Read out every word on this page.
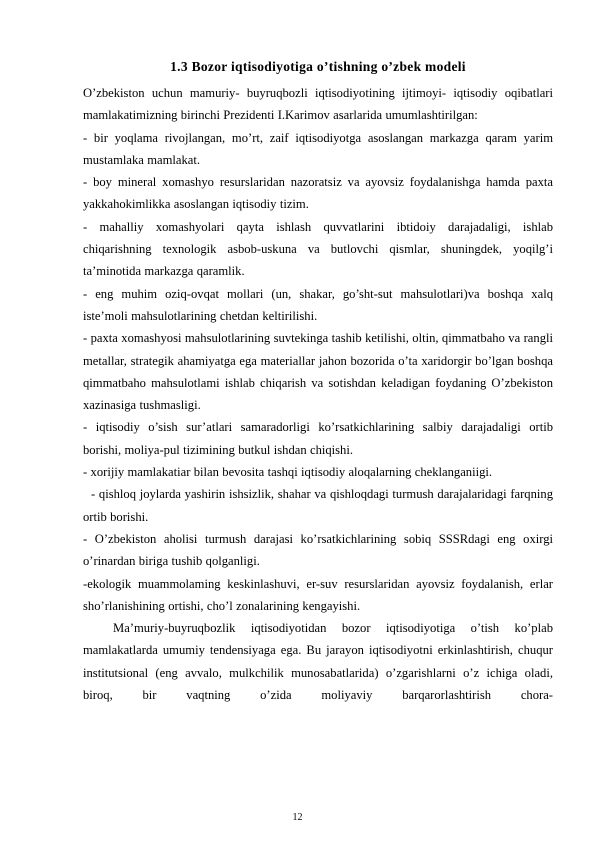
1.3 Bozor iqtisodiyotiga o’tishning o’zbek modeli

O’zbekiston uchun mamuriy- buyruqbozli iqtisodiyotining ijtimoyi- iqtisodiy oqibatlari mamlakatimizning birinchi Prezidenti I.Karimov asarlarida umumlashtirilgan:

- bir yoqlama rivojlangan, mo’rt, zaif iqtisodiyotga asoslangan markazga qaram yarim mustamlaka mamlakat.

- boy mineral xomashyo resurslaridan nazoratsiz va ayovsiz foydalanishga hamda paxta yakkahokimlikka asoslangan iqtisodiy tizim.

- mahalliy xomashyolari qayta ishlash quvvatlarini ibtidoiy darajadaligi, ishlab chiqarishning texnologik asbob-uskuna va butlovchi qismlar, shuningdek, yoqilg’i ta’minotida markazga qaramlik.

- eng muhim oziq-ovqat mollari (un, shakar, go’sht-sut mahsulotlari)va boshqa xalq iste’moli mahsulotlarining chetdan keltirilishi.

- paxta xomashyosi mahsulotlarining suvtekinga tashib ketilishi, oltin, qimmatbaho va rangli metallar, strategik ahamiyatga ega materiallar jahon bozorida o’ta xaridorgir bo’lgan boshqa qimmatbaho mahsulotlami ishlab chiqarish va sotishdan keladigan foydaning O’zbekiston xazinasiga tushmasligi.

- iqtisodiy o’sish sur’atlari samaradorligi ko’rsatkichlarining salbiy darajadaligi ortib borishi, moliya-pul tizimining butkul ishdan chiqishi.

- xorijiy mamlakatiar bilan bevosita tashqi iqtisodiy aloqalarning cheklanganiigi.

- qishloq joylarda yashirin ishsizlik, shahar va qishloqdagi turmush darajalaridagi farqning ortib borishi.

- O’zbekiston aholisi turmush darajasi ko’rsatkichlarining sobiq SSSRdagi eng oxirgi o’rinardan biriga tushib qolganligi.

-ekologik muammolaming keskinlashuvi, er-suv resurslaridan ayovsiz foydalanish, erlar sho’rlanishining ortishi, cho’l zonalarining kengayishi.

Ma’muriy-buyruqbozlik iqtisodiyotidan bozor iqtisodiyotiga o’tish ko’plab mamlakatlarda umumiy tendensiyaga ega. Bu jarayon iqtisodiyotni erkinlashtirish, chuqur institutsional (eng avvalo, mulkchilik munosabatlarida) o’zgarishlarni o’z ichiga oladi, biroq, bir vaqtning o’zida moliyaviy barqarorlashtirish chora-

12
